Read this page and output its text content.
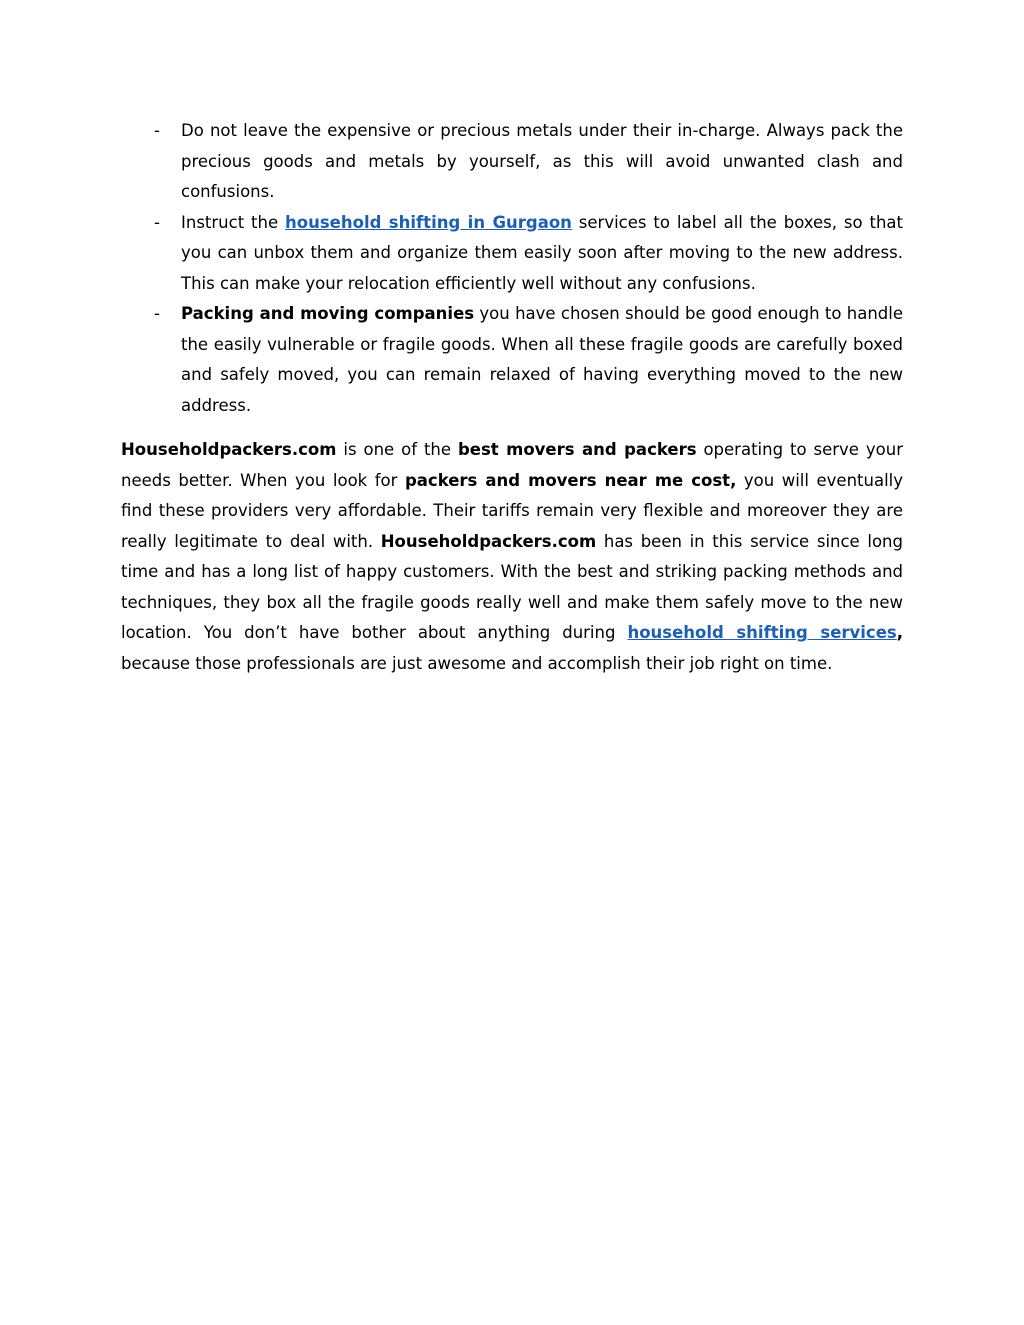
- Do not leave the expensive or precious metals under their in-charge. Always pack the precious goods and metals by yourself, as this will avoid unwanted clash and confusions.
- Instruct the household shifting in Gurgaon services to label all the boxes, so that you can unbox them and organize them easily soon after moving to the new address. This can make your relocation efficiently well without any confusions.
- Packing and moving companies you have chosen should be good enough to handle the easily vulnerable or fragile goods. When all these fragile goods are carefully boxed and safely moved, you can remain relaxed of having everything moved to the new address.

Householdpackers.com is one of the best movers and packers operating to serve your needs better. When you look for packers and movers near me cost, you will eventually find these providers very affordable. Their tariffs remain very flexible and moreover they are really legitimate to deal with. Householdpackers.com has been in this service since long time and has a long list of happy customers. With the best and striking packing methods and techniques, they box all the fragile goods really well and make them safely move to the new location. You don’t have bother about anything during household shifting services, because those professionals are just awesome and accomplish their job right on time.
